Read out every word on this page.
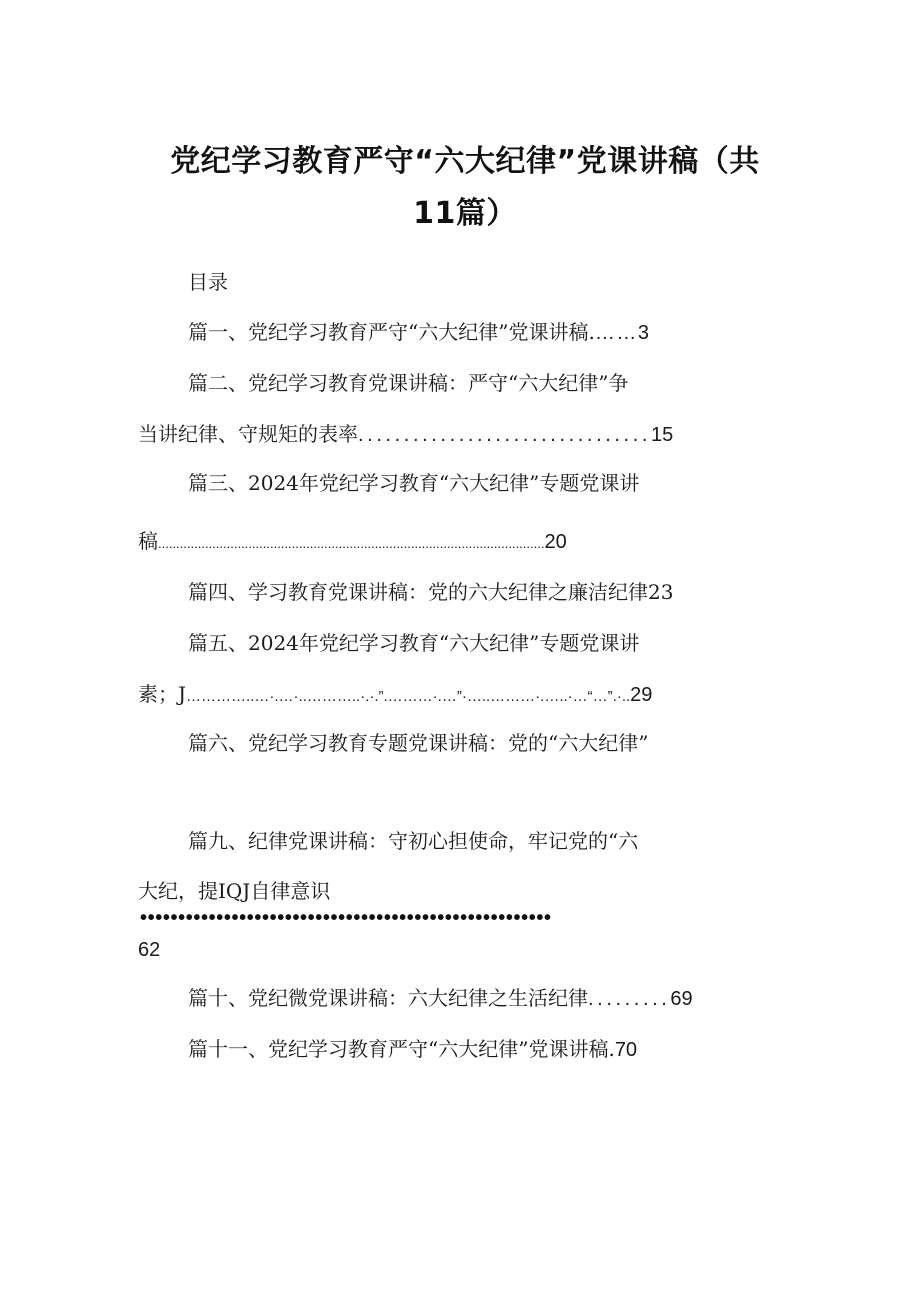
党纪学习教育严守“六大纪律”党课讲稿（共
11篇）
目录
篇一、党纪学习教育严守“六大纪律”党课讲稿.……3
篇二、党纪学习教育党课讲稿：严守“六大纪律”争
当讲纪律、守规矩的表率................................15
篇三、2024年党纪学习教育“六大纪律”专题党课讲
稿...........................................................................................................20
篇四、学习教育党课讲稿：党的六大纪律之廉洁纪律23
篇五、2024年党纪学习教育“六大纪律”专题党课讲
素；J…………..…·.…·..………..·.·.”.………·.…”·…..………·.…..·…“…”.·..29
篇六、党纪学习教育专题党课讲稿：党的“六大纪律”
篇九、纪律党课讲稿：守初心担使命，牢记党的“六
大纪，提IQJ自律意识
••••••••••••••••••••••••••••••••••••••••••••••••••••••
62
篇十、党纪微党课讲稿：六大纪律之生活纪律.........69
篇十一、党纪学习教育严守“六大纪律”党课讲稿.70
